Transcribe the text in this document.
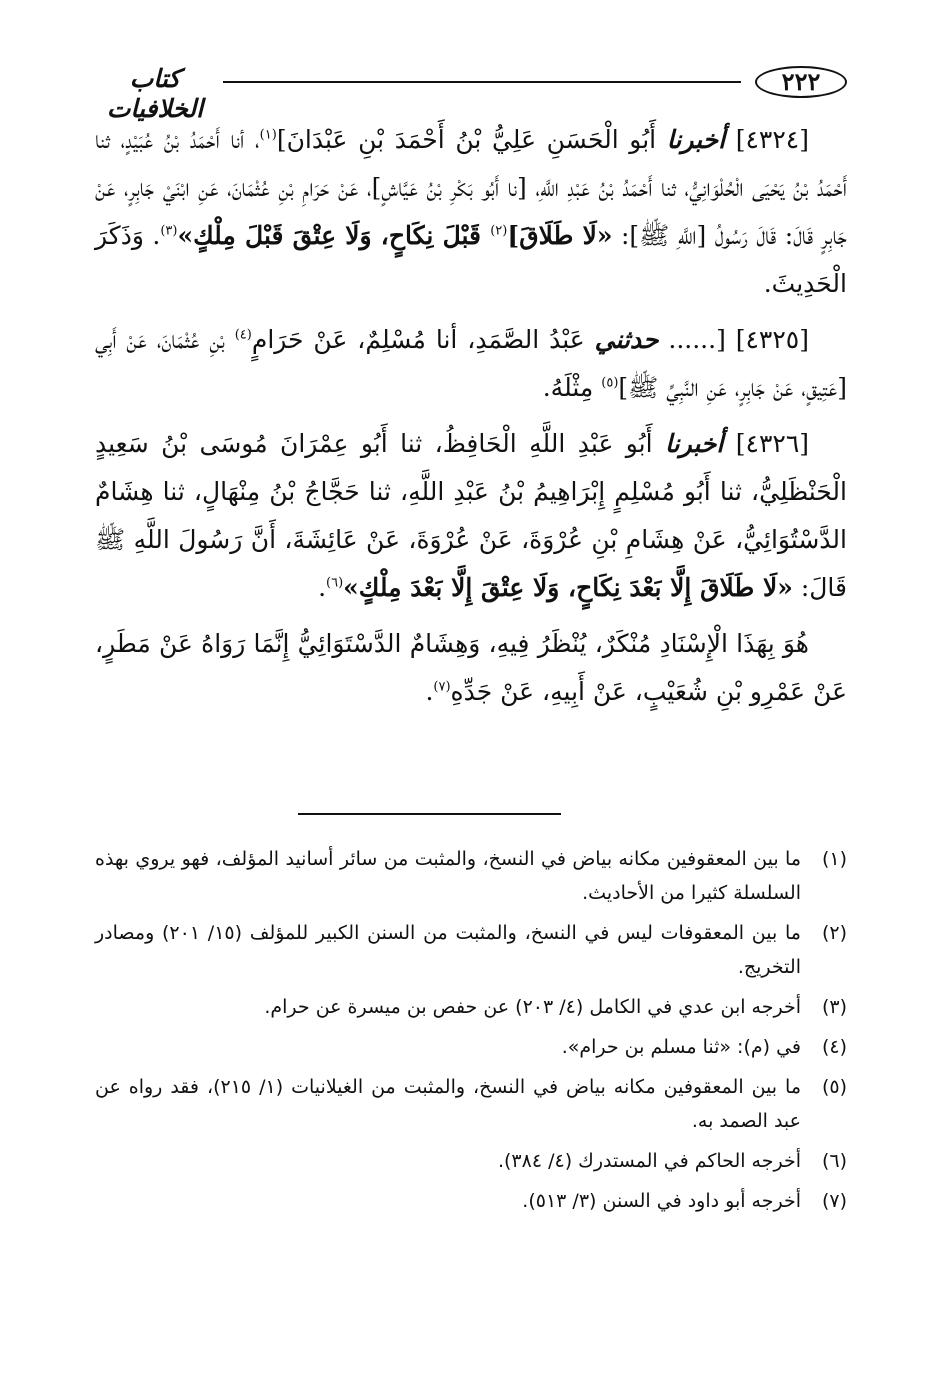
٢٢٢
كتاب الخلافيات

[٤٣٢٤] أخبرنا أَبُو الْحَسَنِ عَلِيُّ بْنُ أَحْمَدَ بْنِ عَبْدَانَ]$^{(١)}$، أنا أَحْمَدُ بْنُ عُبَيْدٍ، ثنا أَحْمَدُ بْنُ يَحْيَى الْحُلْوَانِيُّ، ثنا أَحْمَدُ بْنُ عَبْدِ اللَّهِ، [نا أَبُو بَكْرِ بْنُ عَيَّاشٍ]، عَنْ حَرَامِ بْنِ عُثْمَانَ، عَنِ ابْنَيْ جَابِرٍ، عَنْ جَابِرٍ قَالَ: قَالَ رَسُولُ [اللَّهِ ﷺ]: «لَا طَلَاقَ]$^{(٢)}$ قَبْلَ نِكَاحٍ، وَلَا عِتْقَ قَبْلَ مِلْكٍ»$^{(٣)}$. وَذَكَرَ الْحَدِيثَ.

[٤٣٢٥] [...... حدثني عَبْدُ الصَّمَدِ، أنا مُسْلِمٌ، عَنْ حَرَامٍ$^{(٤)}$ بْنِ عُثْمَانَ، عَنْ أَبِي [عَتِيقٍ، عَنْ جَابِرٍ، عَنِ النَّبِيِّ ﷺ]$^{(٥)}$ مِثْلَهُ.

[٤٣٢٦] أخبرنا أَبُو عَبْدِ اللَّهِ الْحَافِظُ، ثنا أَبُو عِمْرَانَ مُوسَى بْنُ سَعِيدٍ الْحَنْظَلِيُّ، ثنا أَبُو مُسْلِمٍ إِبْرَاهِيمُ بْنُ عَبْدِ اللَّهِ، ثنا حَجَّاجُ بْنُ مِنْهَالٍ، ثنا هِشَامٌ الدَّسْتُوَائِيُّ، عَنْ هِشَامِ بْنِ عُرْوَةَ، عَنْ عُرْوَةَ، عَنْ عَائِشَةَ، أَنَّ رَسُولَ اللَّهِ ﷺ قَالَ: «لَا طَلَاقَ إِلَّا بَعْدَ نِكَاحٍ، وَلَا عِتْقَ إِلَّا بَعْدَ مِلْكٍ»$^{(٦)}$.

هُوَ بِهَذَا الْإِسْنَادِ مُنْكَرٌ، يُنْظَرُ فِيهِ، وَهِشَامٌ الدَّسْتَوَائِيُّ إِنَّمَا رَوَاهُ عَنْ مَطَرٍ، عَنْ عَمْرِو بْنِ شُعَيْبٍ، عَنْ أَبِيهِ، عَنْ جَدِّهِ$^{(٧)}$.

(١)
ما بين المعقوفين مكانه بياض في النسخ، والمثبت من سائر أسانيد المؤلف، فهو يروي بهذه السلسلة كثيرا من الأحاديث.
(٢)
ما بين المعقوفات ليس في النسخ، والمثبت من السنن الكبير للمؤلف (١٥/ ٢٠١) ومصادر التخريج.
(٣)
أخرجه ابن عدي في الكامل (٤/ ٢٠٣) عن حفص بن ميسرة عن حرام.
(٤)
في (م): «ثنا مسلم بن حرام».
(٥)
ما بين المعقوفين مكانه بياض في النسخ، والمثبت من الغيلانيات (١/ ٢١٥)، فقد رواه عن عبد الصمد به.
(٦)
أخرجه الحاكم في المستدرك (٤/ ٣٨٤).
(٧)
أخرجه أبو داود في السنن (٣/ ٥١٣).
